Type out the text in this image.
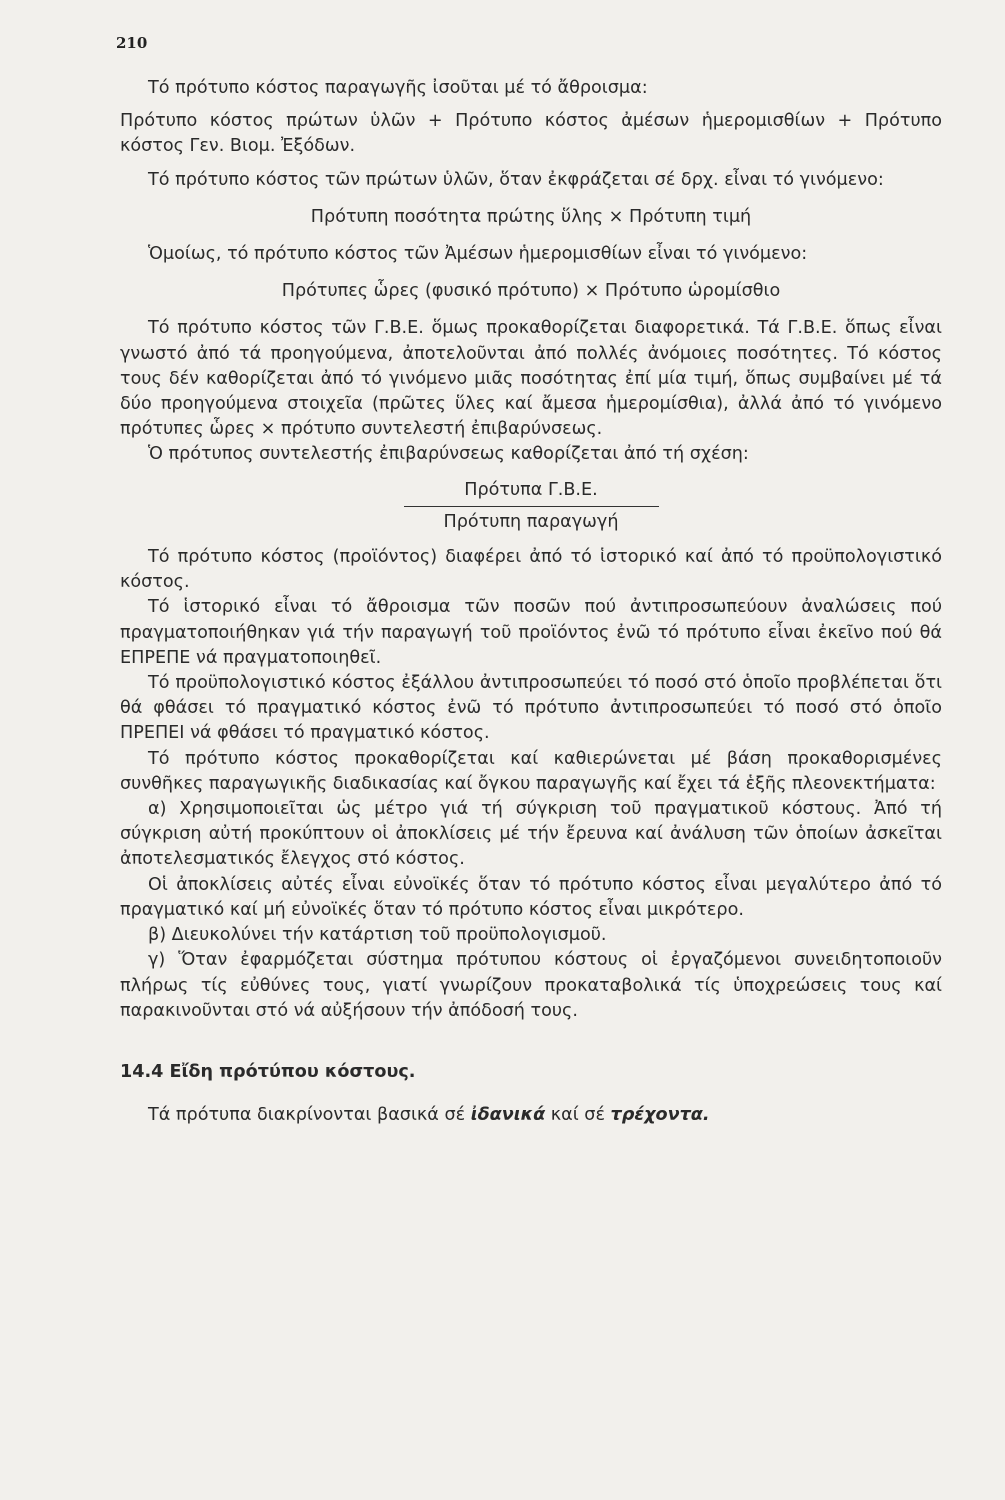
210

Τό πρότυπο κόστος παραγωγῆς ἰσοῦται μέ τό ἄθροισμα:

Πρότυπο κόστος πρώτων ὑλῶν + Πρότυπο κόστος ἀμέσων ἡμερομισθίων + Πρότυπο κόστος Γεν. Βιομ. Ἐξόδων.

Τό πρότυπο κόστος τῶν πρώτων ὑλῶν, ὅταν ἐκφράζεται σέ δρχ. εἶναι τό γινόμενο:

Πρότυπη ποσότητα πρώτης ὕλης × Πρότυπη τιμή

Ὁμοίως, τό πρότυπο κόστος τῶν Ἀμέσων ἡμερομισθίων εἶναι τό γινόμενο:

Πρότυπες ὧρες (φυσικό πρότυπο) × Πρότυπο ὡρομίσθιο

Τό πρότυπο κόστος τῶν Γ.Β.Ε. ὅμως προκαθορίζεται διαφορετικά. Τά Γ.Β.Ε. ὅπως εἶναι γνωστό ἀπό τά προηγούμενα, ἀποτελοῦνται ἀπό πολλές ἀνόμοιες ποσότητες. Τό κόστος τους δέν καθορίζεται ἀπό τό γινόμενο μιᾶς ποσότητας ἐπί μία τιμή, ὅπως συμβαίνει μέ τά δύο προηγούμενα στοιχεῖα (πρῶτες ὕλες καί ἄμεσα ἡμερομίσθια), ἀλλά ἀπό τό γινόμενο πρότυπες ὧρες × πρότυπο συντελεστή ἐπιβαρύνσεως.

Ὁ πρότυπος συντελεστής ἐπιβαρύνσεως καθορίζεται ἀπό τή σχέση:

Πρότυπα Γ.Β.Ε.
Πρότυπη παραγωγή

Τό πρότυπο κόστος (προϊόντος) διαφέρει ἀπό τό ἱστορικό καί ἀπό τό προϋπολογιστικό κόστος.

Τό ἱστορικό εἶναι τό ἄθροισμα τῶν ποσῶν πού ἀντιπροσωπεύουν ἀναλώσεις πού πραγματοποιήθηκαν γιά τήν παραγωγή τοῦ προϊόντος ἐνῶ τό πρότυπο εἶναι ἐκεῖνο πού θά ΕΠΡΕΠΕ νά πραγματοποιηθεῖ.

Τό προϋπολογιστικό κόστος ἐξάλλου ἀντιπροσωπεύει τό ποσό στό ὁποῖο προβλέπεται ὅτι θά φθάσει τό πραγματικό κόστος ἐνῶ τό πρότυπο ἀντιπροσωπεύει τό ποσό στό ὁποῖο ΠΡΕΠΕΙ νά φθάσει τό πραγματικό κόστος.

Τό πρότυπο κόστος προκαθορίζεται καί καθιερώνεται μέ βάση προκαθορισμένες συνθῆκες παραγωγικῆς διαδικασίας καί ὄγκου παραγωγῆς καί ἔχει τά ἑξῆς πλεονεκτήματα:

α) Χρησιμοποιεῖται ὡς μέτρο γιά τή σύγκριση τοῦ πραγματικοῦ κόστους. Ἀπό τή σύγκριση αὐτή προκύπτουν οἱ ἀποκλίσεις μέ τήν ἔρευνα καί ἀνάλυση τῶν ὁποίων ἀσκεῖται ἀποτελεσματικός ἔλεγχος στό κόστος.

Οἱ ἀποκλίσεις αὐτές εἶναι εὐνοϊκές ὅταν τό πρότυπο κόστος εἶναι μεγαλύτερο ἀπό τό πραγματικό καί μή εὐνοϊκές ὅταν τό πρότυπο κόστος εἶναι μικρότερο.

β) Διευκολύνει τήν κατάρτιση τοῦ προϋπολογισμοῦ.

γ) Ὅταν ἐφαρμόζεται σύστημα πρότυπου κόστους οἱ ἐργαζόμενοι συνειδητοποιοῦν πλήρως τίς εὐθύνες τους, γιατί γνωρίζουν προκαταβολικά τίς ὑποχρεώσεις τους καί παρακινοῦνται στό νά αὐξήσουν τήν ἀπόδοσή τους.

14.4 Εἴδη πρότύπου κόστους.

Τά πρότυπα διακρίνονται βασικά σέ ἰδανικά καί σέ τρέχοντα.
